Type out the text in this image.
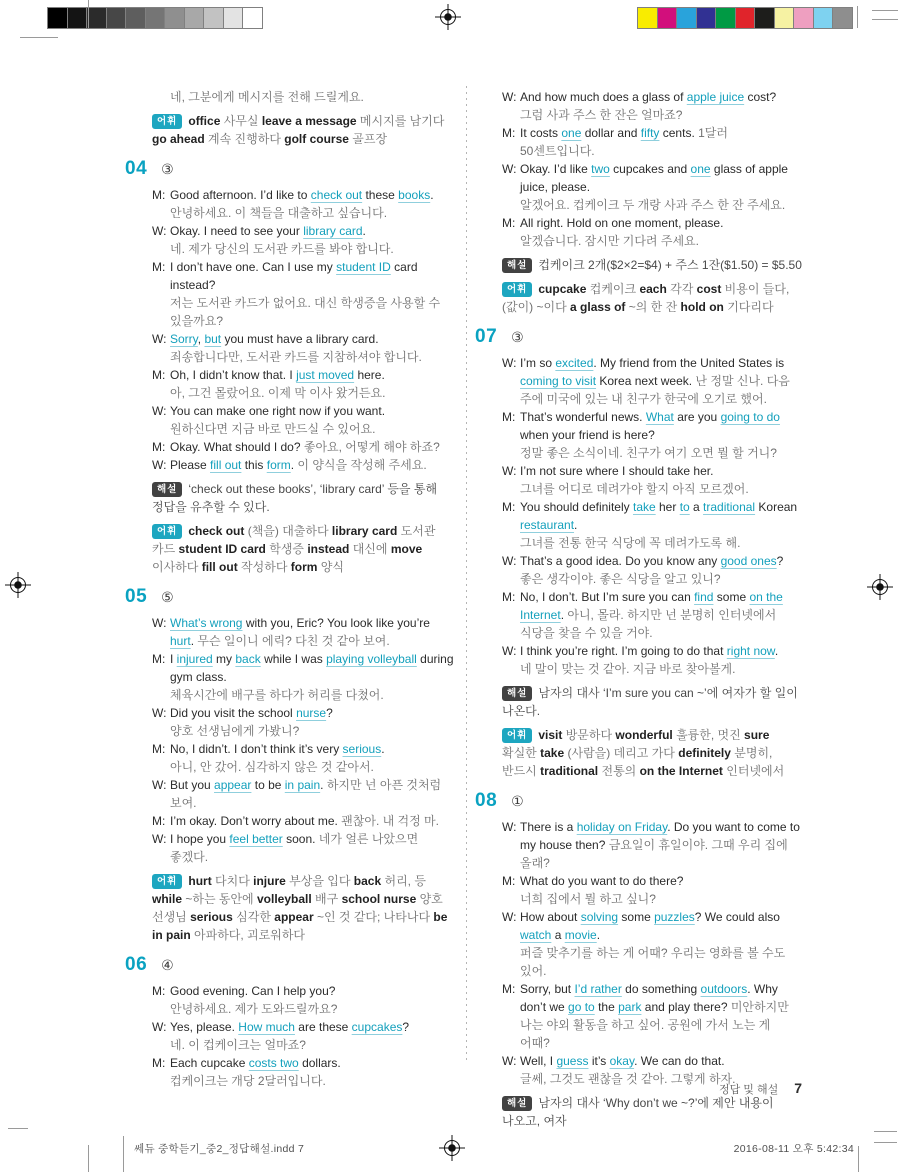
네, 그분에게 메시지를 전해 드릴게요.

어휘 office 사무실 leave a message 메시지를 남기다 go ahead 계속 진행하다 golf course 골프장

04 ③

M: Good afternoon. I’d like to check out these books.
안녕하세요. 이 책들을 대출하고 싶습니다.

W: Okay. I need to see your library card.
네. 제가 당신의 도서관 카드를 봐야 합니다.

M: I don’t have one. Can I use my student ID card instead?
저는 도서관 카드가 없어요. 대신 학생증을 사용할 수 있을까요?

W: Sorry, but you must have a library card.
죄송합니다만, 도서관 카드를 지참하셔야 합니다.

M: Oh, I didn’t know that. I just moved here.
아, 그건 몰랐어요. 이제 막 이사 왔거든요.

W: You can make one right now if you want.
원하신다면 지금 바로 만드실 수 있어요.

M: Okay. What should I do? 좋아요, 어떻게 해야 하죠?

W: Please fill out this form. 이 양식을 작성해 주세요.

해설 ‘check out these books’, ‘library card’ 등을 통해 정답을 유추할 수 있다.

어휘 check out (책을) 대출하다 library card 도서관 카드 student ID card 학생증 instead 대신에 move 이사하다 fill out 작성하다 form 양식

05 ⑤

W: What’s wrong with you, Eric? You look like you’re hurt. 무슨 일이니 에릭? 다친 것 같아 보여.

M: I injured my back while I was playing volleyball during gym class.
체육시간에 배구를 하다가 허리를 다쳤어.

W: Did you visit the school nurse?
양호 선생님에게 가봤니?

M: No, I didn’t. I don’t think it’s very serious.
아니, 안 갔어. 심각하지 않은 것 같아서.

W: But you appear to be in pain. 하지만 넌 아픈 것처럼 보여.

M: I’m okay. Don’t worry about me. 괜찮아. 내 걱정 마.

W: I hope you feel better soon. 네가 얼른 나았으면 좋겠다.

어휘 hurt 다치다 injure 부상을 입다 back 허리, 등 while ~하는 동안에 volleyball 배구 school nurse 양호 선생님 serious 심각한 appear ~인 것 같다; 나타나다 be in pain 아파하다, 괴로워하다

06 ④

M: Good evening. Can I help you?
안녕하세요. 제가 도와드릴까요?

W: Yes, please. How much are these cupcakes?
네. 이 컵케이크는 얼마죠?

M: Each cupcake costs two dollars.
컵케이크는 개당 2달러입니다.

W: And how much does a glass of apple juice cost?
그럼 사과 주스 한 잔은 얼마죠?

M: It costs one dollar and fifty cents. 1달러 50센트입니다.

W: Okay. I’d like two cupcakes and one glass of apple juice, please.
알겠어요. 컵케이크 두 개랑 사과 주스 한 잔 주세요.

M: All right. Hold on one moment, please.
알겠습니다. 잠시만 기다려 주세요.

해설 컵케이크 2개($2×2=$4) + 주스 1잔($1.50) = $5.50

어휘 cupcake 컵케이크 each 각각 cost 비용이 들다, (값이) ~이다 a glass of ~의 한 잔 hold on 기다리다

07 ③

W: I’m so excited. My friend from the United States is coming to visit Korea next week. 난 정말 신나. 다음 주에 미국에 있는 내 친구가 한국에 오기로 했어.

M: That’s wonderful news. What are you going to do when your friend is here?
정말 좋은 소식이네. 친구가 여기 오면 뭘 할 거니?

W: I’m not sure where I should take her.
그녀를 어디로 데려가야 할지 아직 모르겠어.

M: You should definitely take her to a traditional Korean restaurant.
그녀를 전통 한국 식당에 꼭 데려가도록 해.

W: That’s a good idea. Do you know any good ones?
좋은 생각이야. 좋은 식당을 알고 있니?

M: No, I don’t. But I’m sure you can find some on the Internet. 아니, 몰라. 하지만 넌 분명히 인터넷에서 식당을 찾을 수 있을 거야.

W: I think you’re right. I’m going to do that right now.
네 말이 맞는 것 같아. 지금 바로 찾아볼게.

해설 남자의 대사 ‘I’m sure you can ~’에 여자가 할 일이 나온다.

어휘 visit 방문하다 wonderful 훌륭한, 멋진 sure 확실한 take (사람을) 데리고 가다 definitely 분명히, 반드시 traditional 전통의 on the Internet 인터넷에서

08 ①

W: There is a holiday on Friday. Do you want to come to my house then? 금요일이 휴일이야. 그때 우리 집에 올래?

M: What do you want to do there?
너희 집에서 뭘 하고 싶니?

W: How about solving some puzzles? We could also watch a movie.
퍼즐 맞추기를 하는 게 어때? 우리는 영화를 볼 수도 있어.

M: Sorry, but I’d rather do something outdoors. Why don’t we go to the park and play there? 미안하지만 나는 야외 활동을 하고 싶어. 공원에 가서 노는 게 어때?

W: Well, I guess it’s okay. We can do that.
글쎄, 그것도 괜찮을 것 같아. 그렇게 하자.

해설 남자의 대사 ‘Why don’t we ~?’에 제안 내용이 나오고, 여자

정답 및 해설 7
쎄듀 중학듣기_중2_정답해설.indd 7	2016-08-11 오후 5:42:34
